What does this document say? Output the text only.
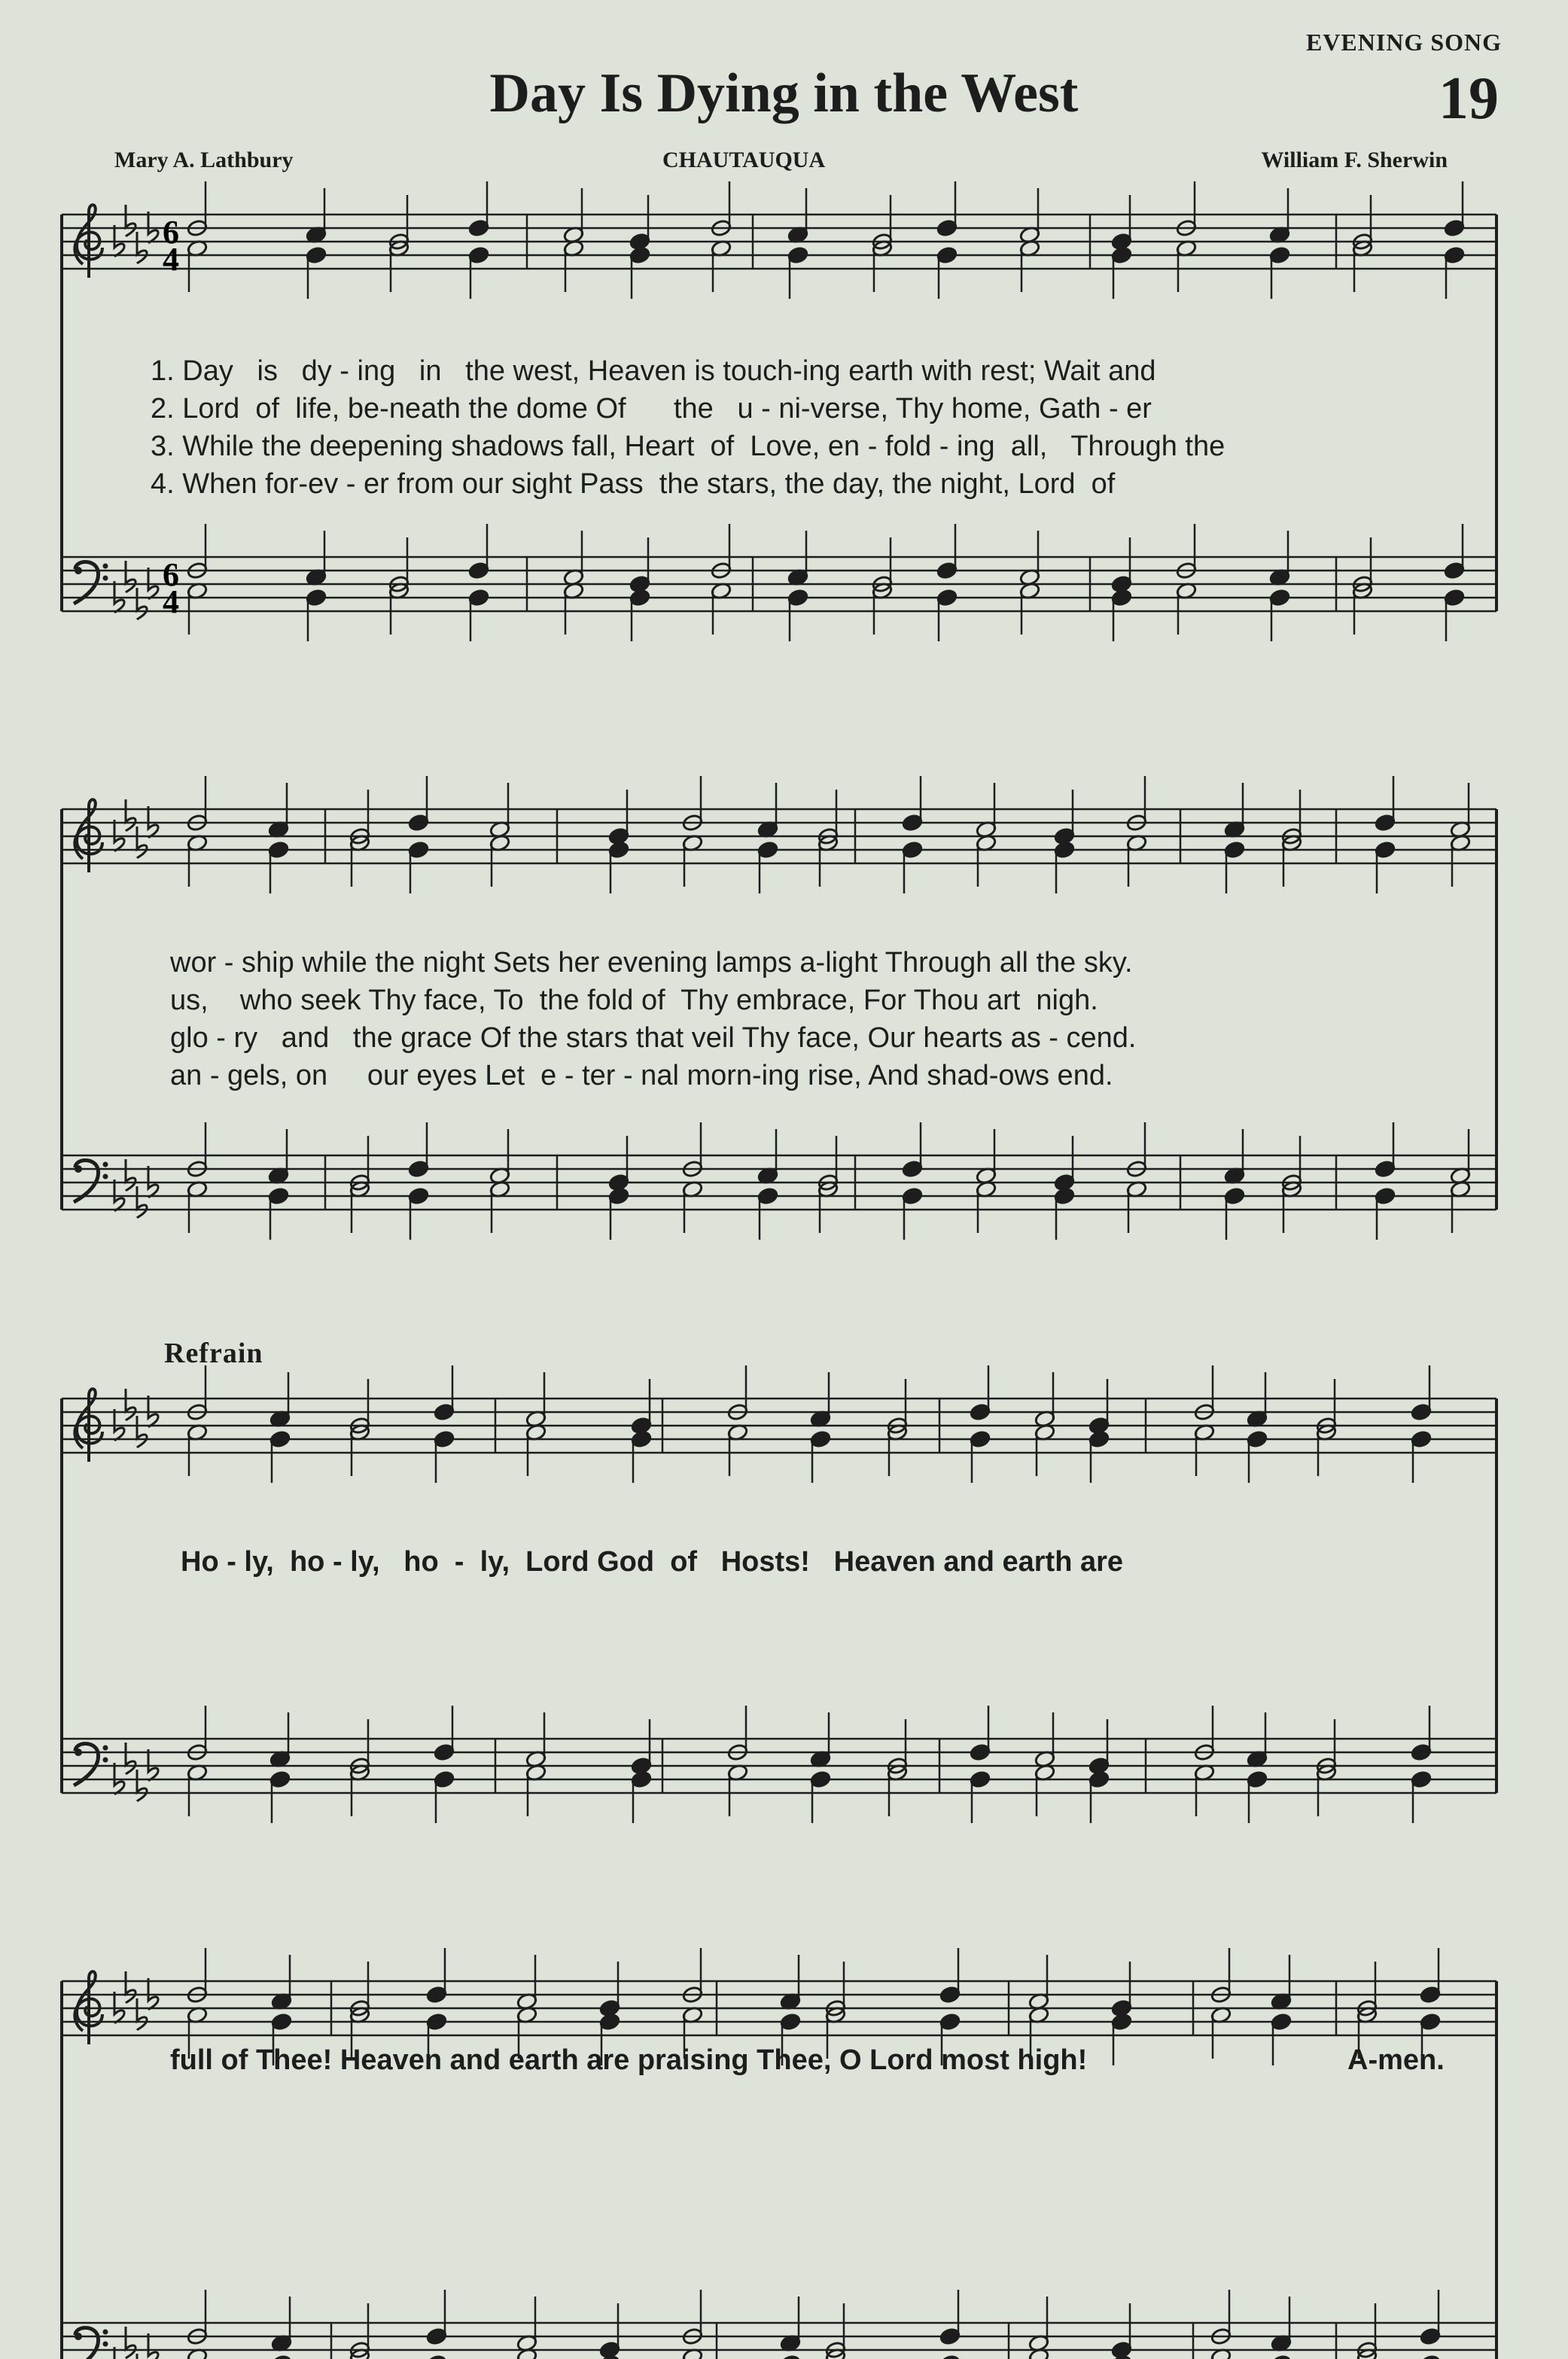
EVENING SONG
19
Day Is Dying in the West
Mary A. Lathbury	CHAUTAUQUA	William F. Sherwin
6
4
6
4
1. Day   is   dy - ing   in   the west, Heaven is touch-ing earth with rest; Wait and
2. Lord  of  life, be-neath the dome Of      the   u - ni-verse, Thy home, Gath - er
3. While the deepening shadows fall, Heart  of  Love, en - fold - ing  all,   Through the
4. When for-ev - er from our sight Pass  the stars, the day, the night, Lord  of
wor - ship while the night Sets her evening lamps a-light Through all the sky.
us,    who seek Thy face, To  the fold of  Thy embrace, For Thou art  nigh.
glo - ry   and   the grace Of the stars that veil Thy face, Our hearts as - cend.
an - gels, on     our eyes Let  e - ter - nal morn-ing rise, And shad-ows end.
Refrain
Ho - ly,  ho - ly,   ho  -  ly,  Lord God  of   Hosts!   Heaven and earth are
full of Thee! Heaven and earth are praising Thee, O Lord most high!	A-men.
